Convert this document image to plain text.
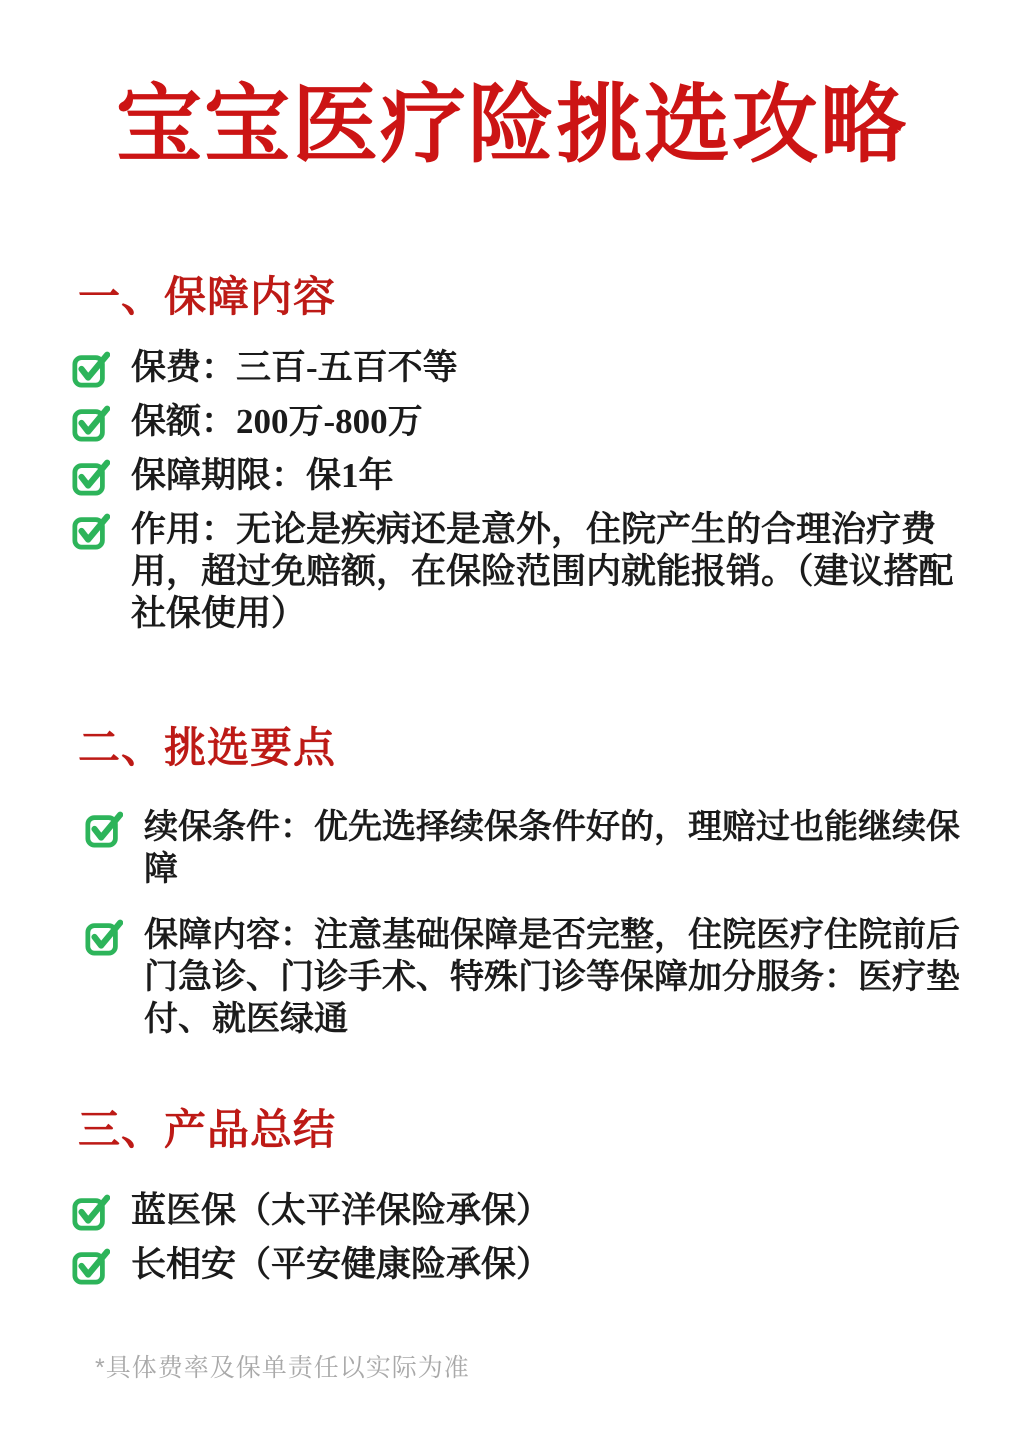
宝宝医疗险挑选攻略
一、保障内容
保费：三百-五百不等
保额：200万-800万
保障期限：保1年
作用：无论是疾病还是意外，住院产生的合理治疗费用，超过免赔额，在保险范围内就能报销。（建议搭配社保使用）
二、挑选要点
续保条件：优先选择续保条件好的，理赔过也能继续保障
保障内容：注意基础保障是否完整，住院医疗住院前后门急诊、门诊手术、特殊门诊等保障加分服务：医疗垫付、就医绿通
三、产品总结
蓝医保（太平洋保险承保）
长相安（平安健康险承保）
*具体费率及保单责任以实际为准
